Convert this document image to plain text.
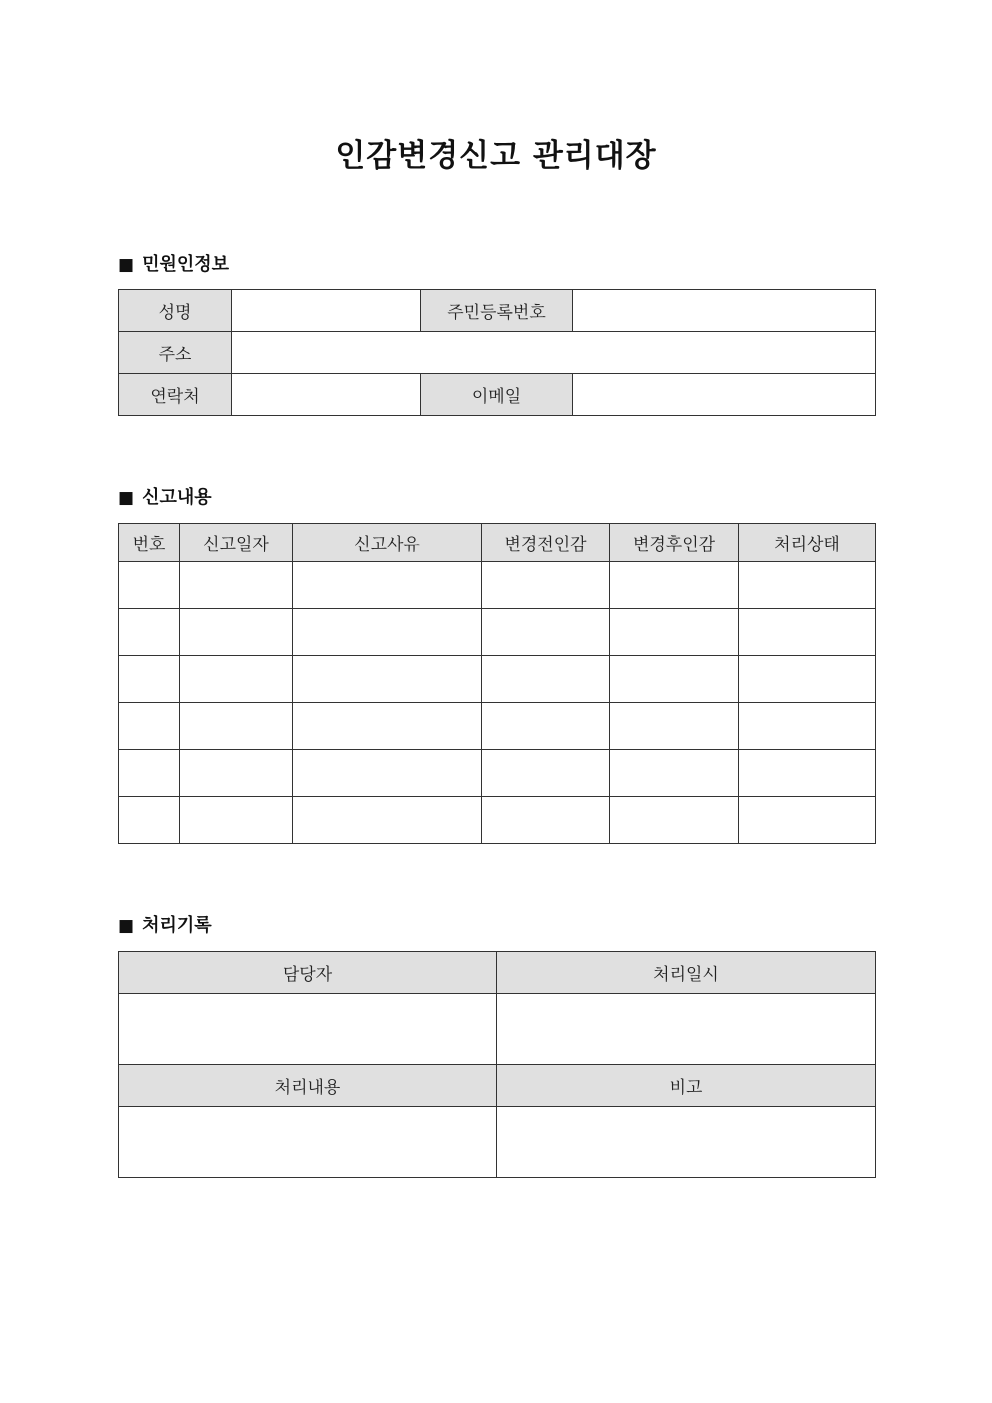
인감변경신고 관리대장
■ 민원인정보
성명		주민등록번호	
주소			
연락처		이메일	
■ 신고내용
번호	신고일자	신고사유	변경전인감	변경후인감	처리상태

■ 처리기록
담당자	처리일시

처리내용	비고
